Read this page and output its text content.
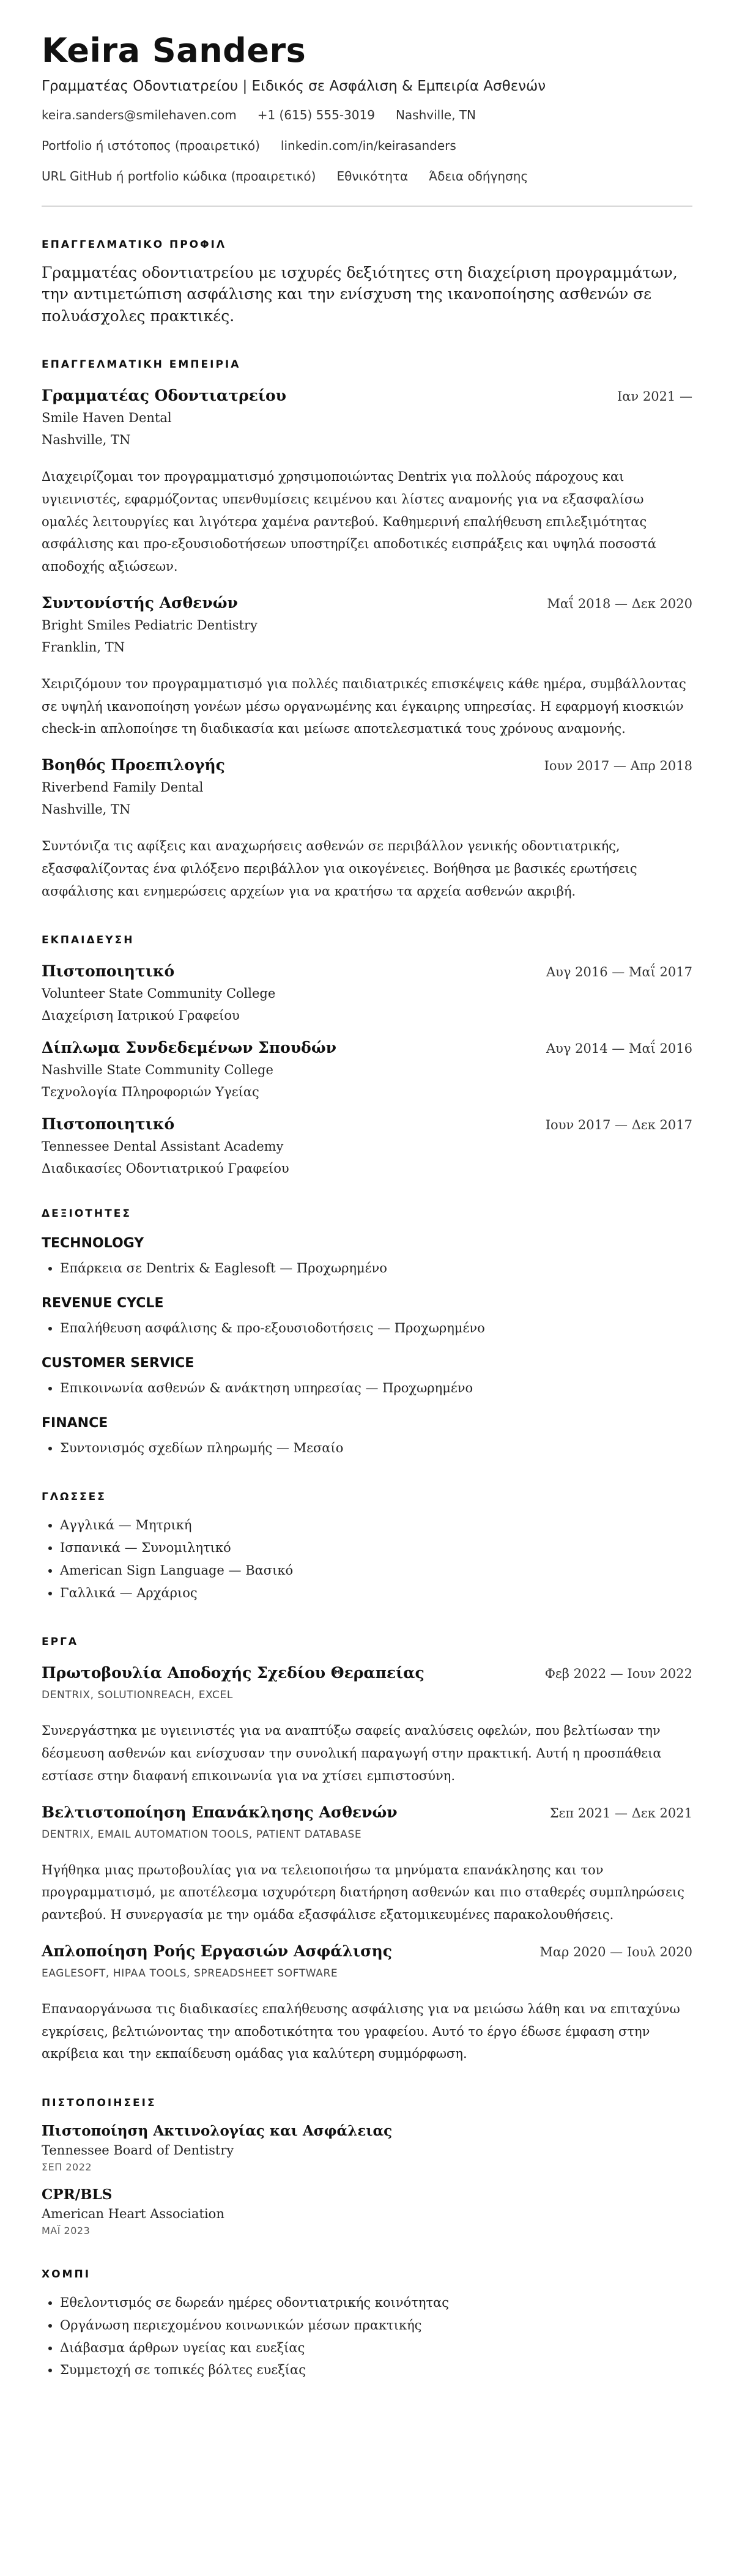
Keira Sanders
Γραμματέας Οδοντιατρείου | Ειδικός σε Ασφάλιση & Εμπειρία Ασθενών
keira.sanders@smilehaven.com +1 (615) 555-3019 Nashville, TN
Portfolio ή ιστότοπος (προαιρετικό) linkedin.com/in/keirasanders
URL GitHub ή portfolio κώδικα (προαιρετικό) Εθνικότητα Άδεια οδήγησης
ΕΠΑΓΓΕΛΜΑΤΙΚΟ ΠΡΟΦΙΛ
Γραμματέας οδοντιατρείου με ισχυρές δεξιότητες στη διαχείριση προγραμμάτων, την αντιμετώπιση ασφάλισης και την ενίσχυση της ικανοποίησης ασθενών σε πολυάσχολες πρακτικές.
ΕΠΑΓΓΕΛΜΑΤΙΚΗ ΕΜΠΕΙΡΙΑ
Γραμματέας Οδοντιατρείου	Ιαν 2021 —
Smile Haven Dental
Nashville, TN
Διαχειρίζομαι τον προγραμματισμό χρησιμοποιώντας Dentrix για πολλούς πάροχους και υγιεινιστές, εφαρμόζοντας υπενθυμίσεις κειμένου και λίστες αναμονής για να εξασφαλίσω ομαλές λειτουργίες και λιγότερα χαμένα ραντεβού. Καθημερινή επαλήθευση επιλεξιμότητας ασφάλισης και προ-εξουσιοδοτήσεων υποστηρίζει αποδοτικές εισπράξεις και υψηλά ποσοστά αποδοχής αξιώσεων.
Συντονίστής Ασθενών	Μαΐ 2018 — Δεκ 2020
Bright Smiles Pediatric Dentistry
Franklin, TN
Χειριζόμουν τον προγραμματισμό για πολλές παιδιατρικές επισκέψεις κάθε ημέρα, συμβάλλοντας σε υψηλή ικανοποίηση γονέων μέσω οργανωμένης και έγκαιρης υπηρεσίας. Η εφαρμογή κιοσκιών check-in απλοποίησε τη διαδικασία και μείωσε αποτελεσματικά τους χρόνους αναμονής.
Βοηθός Προεπιλογής	Ιουν 2017 — Απρ 2018
Riverbend Family Dental
Nashville, TN
Συντόνιζα τις αφίξεις και αναχωρήσεις ασθενών σε περιβάλλον γενικής οδοντιατρικής, εξασφαλίζοντας ένα φιλόξενο περιβάλλον για οικογένειες. Βοήθησα με βασικές ερωτήσεις ασφάλισης και ενημερώσεις αρχείων για να κρατήσω τα αρχεία ασθενών ακριβή.
ΕΚΠΑΙΔΕΥΣΗ
Πιστοποιητικό	Αυγ 2016 — Μαΐ 2017
Volunteer State Community College
Διαχείριση Ιατρικού Γραφείου
Δίπλωμα Συνδεδεμένων Σπουδών	Αυγ 2014 — Μαΐ 2016
Nashville State Community College
Τεχνολογία Πληροφοριών Υγείας
Πιστοποιητικό	Ιουν 2017 — Δεκ 2017
Tennessee Dental Assistant Academy
Διαδικασίες Οδοντιατρικού Γραφείου
ΔΕΞΙΟΤΗΤΕΣ
TECHNOLOGY
• Επάρκεια σε Dentrix & Eaglesoft — Προχωρημένο
REVENUE CYCLE
• Επαλήθευση ασφάλισης & προ-εξουσιοδοτήσεις — Προχωρημένο
CUSTOMER SERVICE
• Επικοινωνία ασθενών & ανάκτηση υπηρεσίας — Προχωρημένο
FINANCE
• Συντονισμός σχεδίων πληρωμής — Μεσαίο
ΓΛΩΣΣΕΣ
• Αγγλικά — Μητρική
• Ισπανικά — Συνομιλητικό
• American Sign Language — Βασικό
• Γαλλικά — Αρχάριος
ΕΡΓΑ
Πρωτοβουλία Αποδοχής Σχεδίου Θεραπείας	Φεβ 2022 — Ιουν 2022
DENTRIX, SOLUTIONREACH, EXCEL
Συνεργάστηκα με υγιεινιστές για να αναπτύξω σαφείς αναλύσεις οφελών, που βελτίωσαν την δέσμευση ασθενών και ενίσχυσαν την συνολική παραγωγή στην πρακτική. Αυτή η προσπάθεια εστίασε στην διαφανή επικοινωνία για να χτίσει εμπιστοσύνη.
Βελτιστοποίηση Επανάκλησης Ασθενών	Σεπ 2021 — Δεκ 2021
DENTRIX, EMAIL AUTOMATION TOOLS, PATIENT DATABASE
Ηγήθηκα μιας πρωτοβουλίας για να τελειοποιήσω τα μηνύματα επανάκλησης και τον προγραμματισμό, με αποτέλεσμα ισχυρότερη διατήρηση ασθενών και πιο σταθερές συμπληρώσεις ραντεβού. Η συνεργασία με την ομάδα εξασφάλισε εξατομικευμένες παρακολουθήσεις.
Απλοποίηση Ροής Εργασιών Ασφάλισης	Μαρ 2020 — Ιουλ 2020
EAGLESOFT, HIPAA TOOLS, SPREADSHEET SOFTWARE
Επαναοργάνωσα τις διαδικασίες επαλήθευσης ασφάλισης για να μειώσω λάθη και να επιταχύνω εγκρίσεις, βελτιώνοντας την αποδοτικότητα του γραφείου. Αυτό το έργο έδωσε έμφαση στην ακρίβεια και την εκπαίδευση ομάδας για καλύτερη συμμόρφωση.
ΠΙΣΤΟΠΟΙΗΣΕΙΣ
Πιστοποίηση Ακτινολογίας και Ασφάλειας
Tennessee Board of Dentistry
ΣΕΠ 2022
CPR/BLS
American Heart Association
ΜΑΪ 2023
ΧΟΜΠΙ
• Εθελοντισμός σε δωρεάν ημέρες οδοντιατρικής κοινότητας
• Οργάνωση περιεχομένου κοινωνικών μέσων πρακτικής
• Διάβασμα άρθρων υγείας και ευεξίας
• Συμμετοχή σε τοπικές βόλτες ευεξίας
